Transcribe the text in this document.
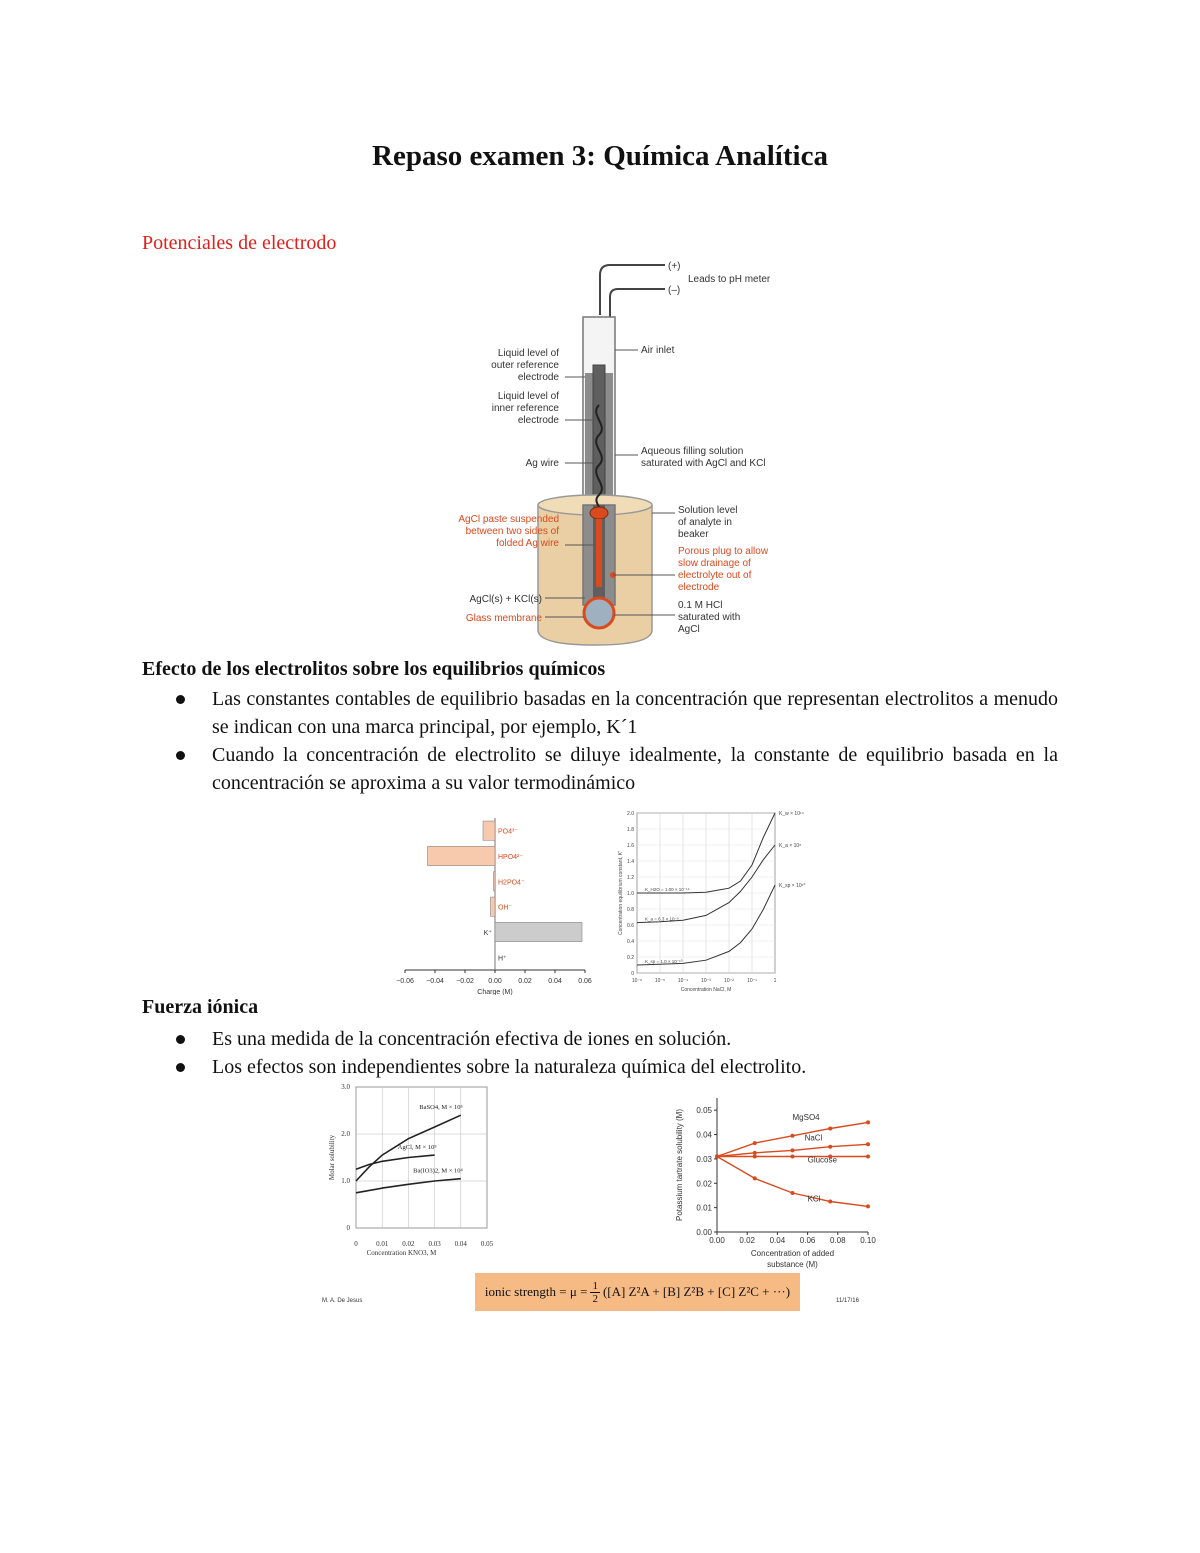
Repaso examen 3: Química Analítica
Potenciales de electrodo
(+)
(–)
Leads to pH meter
Air inlet
Liquid level of
outer reference
electrode
Liquid level of
inner reference
electrode
Ag wire
Aqueous filling solution
saturated with AgCl and KCl
AgCl paste suspended
between two sides of
folded Ag wire
Solution level
of analyte in
beaker
Porous plug to allow
slow drainage of
electrolyte out of
electrode
AgCl(s) + KCl(s)
Glass membrane
0.1 M HCl
saturated with
AgCl
Efecto de los electrolitos sobre los equilibrios químicos
Las constantes contables de equilibrio basadas en la concentración que representan electrolitos a menudo se indican con una marca principal, por ejemplo, K´1
Cuando la concentración de electrolito se diluye idealmente, la constante de equilibrio basada en la concentración se aproxima a su valor termodinámico
−0.06 −0.04 −0.02 0.00 0.02 0.04 0.06
Charge (M)
PO4³⁻
HPO4²⁻
H2PO4⁻
OH⁻
K⁺
H⁺
10⁻⁶	10⁻⁵	10⁻⁴	10⁻³	10⁻²	10⁻¹	1
0
0.2
0.4
0.6
0.8
1.0
1.2
1.4
1.6
1.8
2.0
Concentration NaCl, M
Concentration equilibrium constant, K'
K_w × 10¹⁴
K_a × 10⁸
K_sp × 10¹⁰
K_H2O = 1.00 × 10⁻¹⁴
K_a = 6.3 × 10⁻⁸
K_sp = 1.0 × 10⁻¹⁰
Fuerza iónica
Es una medida de la concentración efectiva de iones en solución.
Los efectos son independientes sobre la naturaleza química del electrolito.
0	0.01 0.02 0.03 0.04 0.05
0
1.0
2.0
3.0
Concentration KNO3, M
Molar solubility
BaSO4, M × 10⁵
AgCl, M × 10⁵
Ba(IO3)2, M × 10⁴
0.00 0.02 0.04 0.06 0.08 0.10
0.00
0.01
0.02
0.03
0.04
0.05
Concentration of added
substance (M)
Potassium tartrate solubility (M)	MgSO4
NaCl
Glucose
KCl
ionic strength = $\mu = \frac{1}{2} ([A] Z^2A + [B] Z^2B + [C] Z^2C$ + ···)
M. A. De Jesus	11/17/16
